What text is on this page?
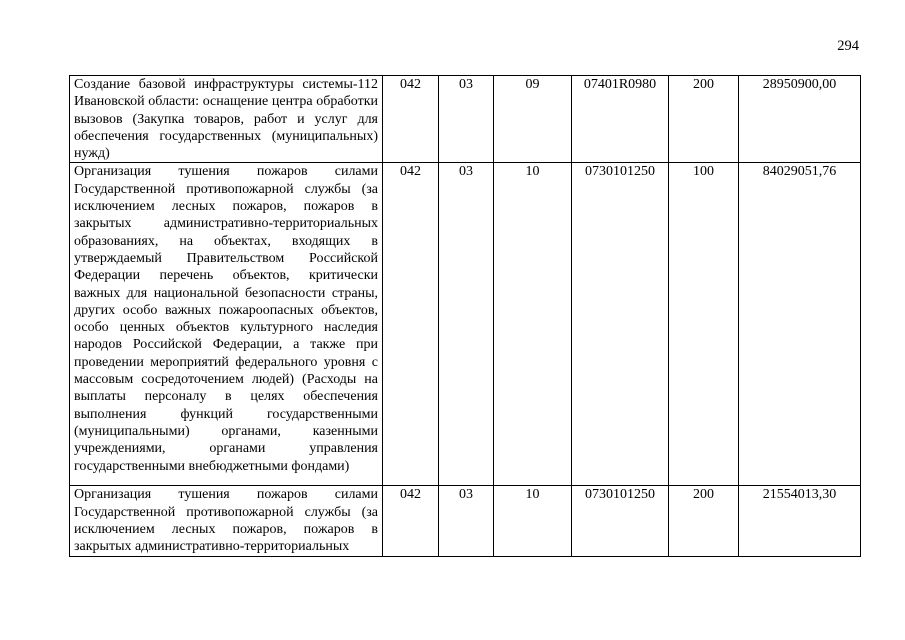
294
Создание базовой инфраструктуры системы-112 Ивановской области: оснащение центра обработки вызовов (Закупка товаров, работ и услуг для обеспечения государственных (муниципальных) нужд)	042	03	09	07401R0980	200	28950900,00
Организация тушения пожаров силами Государственной противопожарной службы (за исключением лесных пожаров, пожаров в закрытых административно-территориальных образованиях, на объектах, входящих в утверждаемый Правительством Российской Федерации перечень объектов, критически важных для национальной безопасности страны, других особо важных пожароопасных объектов, особо ценных объектов культурного наследия народов Российской Федерации, а также при проведении мероприятий федерального уровня с массовым сосредоточением людей) (Расходы на выплаты персоналу в целях обеспечения выполнения функций государственными (муниципальными) органами, казенными учреждениями, органами управления государственными внебюджетными фондами)	042	03	10	0730101250	100	84029051,76
Организация тушения пожаров силами Государственной противопожарной службы (за исключением лесных пожаров, пожаров в закрытых административно-территориальных	042	03	10	0730101250	200	21554013,30
